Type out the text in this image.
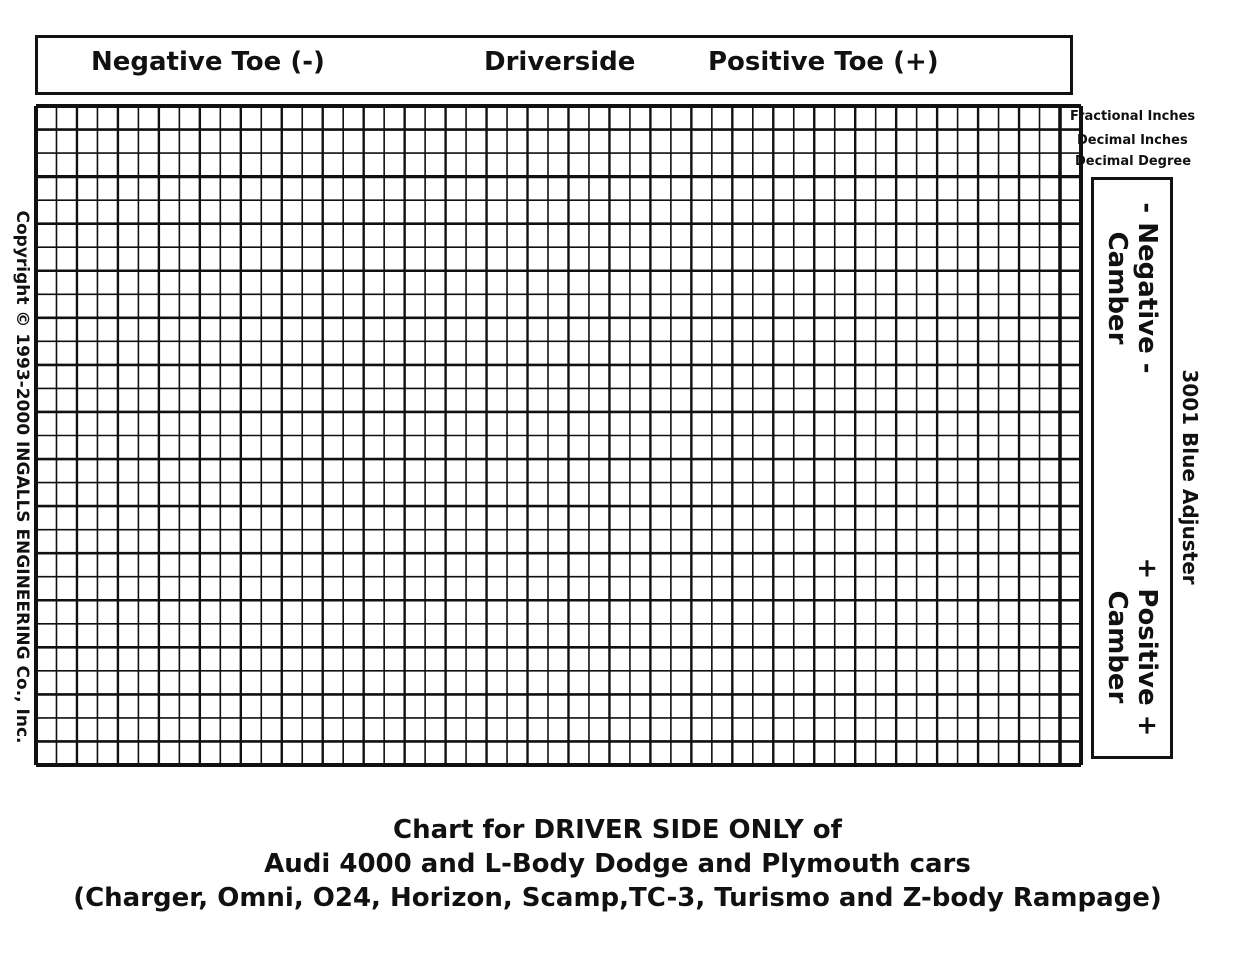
Negative Toe (-)	Driverside	Positive Toe (+)
Fractional Inches
Decimal Inches
Decimal Degree
- Negative -
Camber
+ Positive +
Camber
3001 Blue Adjuster
Copyright © 1993-2000 INGALLS ENGINEERING Co., Inc.
Chart for DRIVER SIDE ONLY of
Audi 4000 and L-Body Dodge and Plymouth cars
(Charger, Omni, O24, Horizon, Scamp,TC-3, Turismo and Z-body Rampage)
